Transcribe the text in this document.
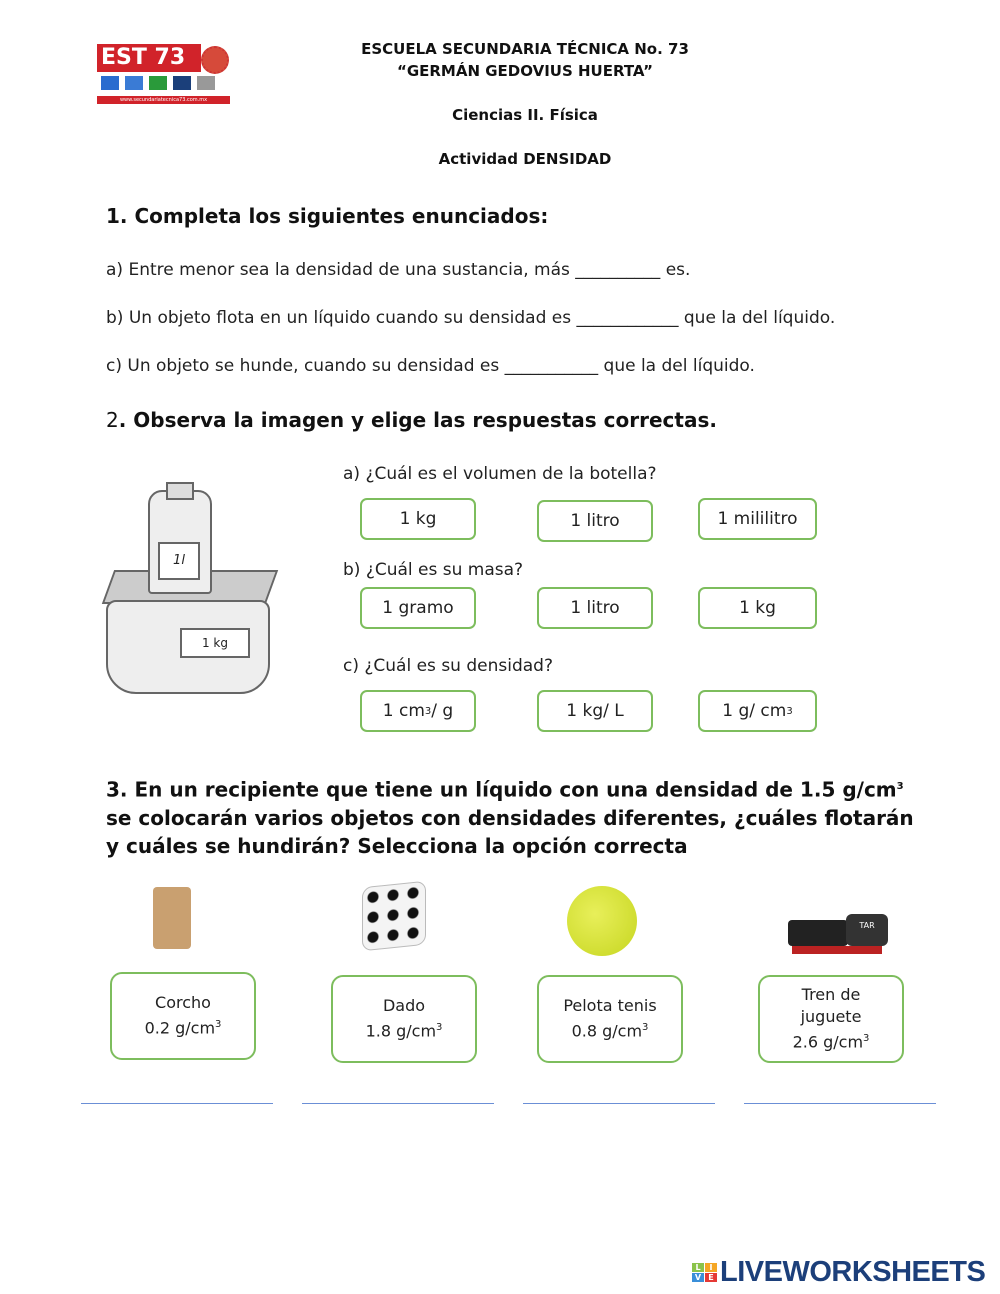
EST 73
www.secundariatecnica73.com.mx
ESCUELA SECUNDARIA TÉCNICA No. 73
“GERMÁN GEDOVIUS HUERTA”
Ciencias II. Física
Actividad DENSIDAD
1. Completa los siguientes enunciados:
a) Entre menor sea la densidad de una sustancia, más __________ es.
b) Un objeto flota en un líquido cuando su densidad es ____________ que la del líquido.
c) Un objeto se hunde, cuando su densidad es ___________ que la del líquido.
2. Observa la imagen y elige las respuestas correctas.
1 kg
1l
a) ¿Cuál es el volumen de la botella?
1 kg	1 litro	1 mililitro
b) ¿Cuál es su masa?
1 gramo	1 litro	1 kg
c) ¿Cuál es su densidad?
1 cm 3 / g	1 kg/ L	1 g/ cm 3
3. En un recipiente que tiene un líquido con una densidad de 1.5 $g/cm^3$
se colocarán varios objetos con densidades diferentes, ¿cuáles flotarán
y cuáles se hundirán? Selecciona la opción correcta
TAR
Corcho
0.2 $g/cm^3$
Dado
1.8 $g/cm^3$
Pelota tenis
0.8 $g/cm^3$
Tren de
juguete
2.6 $g/cm^3$
L	I
V E LIVEWORKSHEETS
